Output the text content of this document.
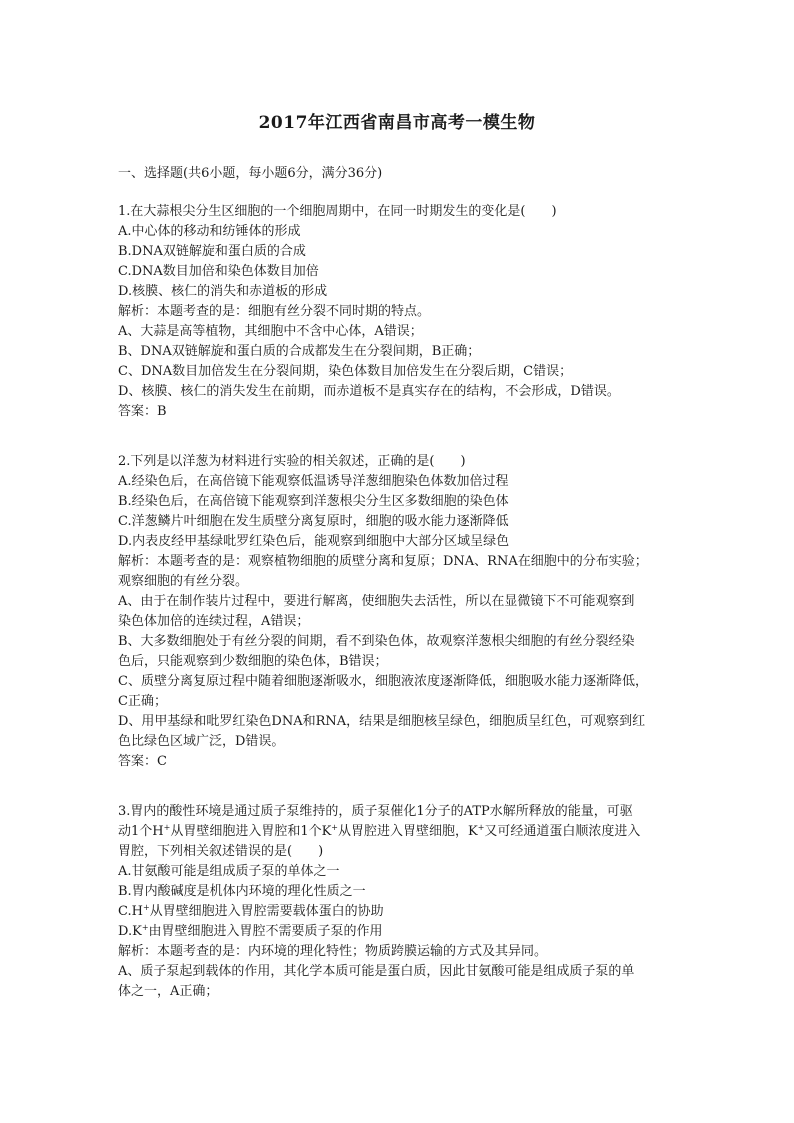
2017年江西省南昌市高考一模生物
一、选择题(共6小题，每小题6分，满分36分)
1.在大蒜根尖分生区细胞的一个细胞周期中，在同一时期发生的变化是(　　)
A.中心体的移动和纺锤体的形成
B.DNA双链解旋和蛋白质的合成
C.DNA数目加倍和染色体数目加倍
D.核膜、核仁的消失和赤道板的形成
解析：本题考查的是：细胞有丝分裂不同时期的特点。
A、大蒜是高等植物，其细胞中不含中心体，A错误；
B、DNA双链解旋和蛋白质的合成都发生在分裂间期，B正确；
C、DNA数目加倍发生在分裂间期，染色体数目加倍发生在分裂后期，C错误；
D、核膜、核仁的消失发生在前期，而赤道板不是真实存在的结构，不会形成，D错误。
答案：B
2.下列是以洋葱为材料进行实验的相关叙述，正确的是(　　)
A.经染色后，在高倍镜下能观察低温诱导洋葱细胞染色体数加倍过程
B.经染色后，在高倍镜下能观察到洋葱根尖分生区多数细胞的染色体
C.洋葱鳞片叶细胞在发生质壁分离复原时，细胞的吸水能力逐渐降低
D.内表皮经甲基绿吡罗红染色后，能观察到细胞中大部分区域呈绿色
解析：本题考查的是：观察植物细胞的质壁分离和复原；DNA、RNA在细胞中的分布实验；
观察细胞的有丝分裂。
A、由于在制作装片过程中，要进行解离，使细胞失去活性，所以在显微镜下不可能观察到
染色体加倍的连续过程，A错误；
B、大多数细胞处于有丝分裂的间期，看不到染色体，故观察洋葱根尖细胞的有丝分裂经染
色后，只能观察到少数细胞的染色体，B错误；
C、质壁分离复原过程中随着细胞逐渐吸水，细胞液浓度逐渐降低，细胞吸水能力逐渐降低，
C正确；
D、用甲基绿和吡罗红染色DNA和RNA，结果是细胞核呈绿色，细胞质呈红色，可观察到红
色比绿色区域广泛，D错误。
答案：C
3.胃内的酸性环境是通过质子泵维持的，质子泵催化1分子的ATP水解所释放的能量，可驱
动1个H+从胃壁细胞进入胃腔和1个K+从胃腔进入胃壁细胞，K+又可经通道蛋白顺浓度进入
胃腔，下列相关叙述错误的是(　　)
A.甘氨酸可能是组成质子泵的单体之一
B.胃内酸碱度是机体内环境的理化性质之一
C.H+从胃壁细胞进入胃腔需要载体蛋白的协助
D.K+由胃壁细胞进入胃腔不需要质子泵的作用
解析：本题考查的是：内环境的理化特性；物质跨膜运输的方式及其异同。
A、质子泵起到载体的作用，其化学本质可能是蛋白质，因此甘氨酸可能是组成质子泵的单
体之一，A正确；
